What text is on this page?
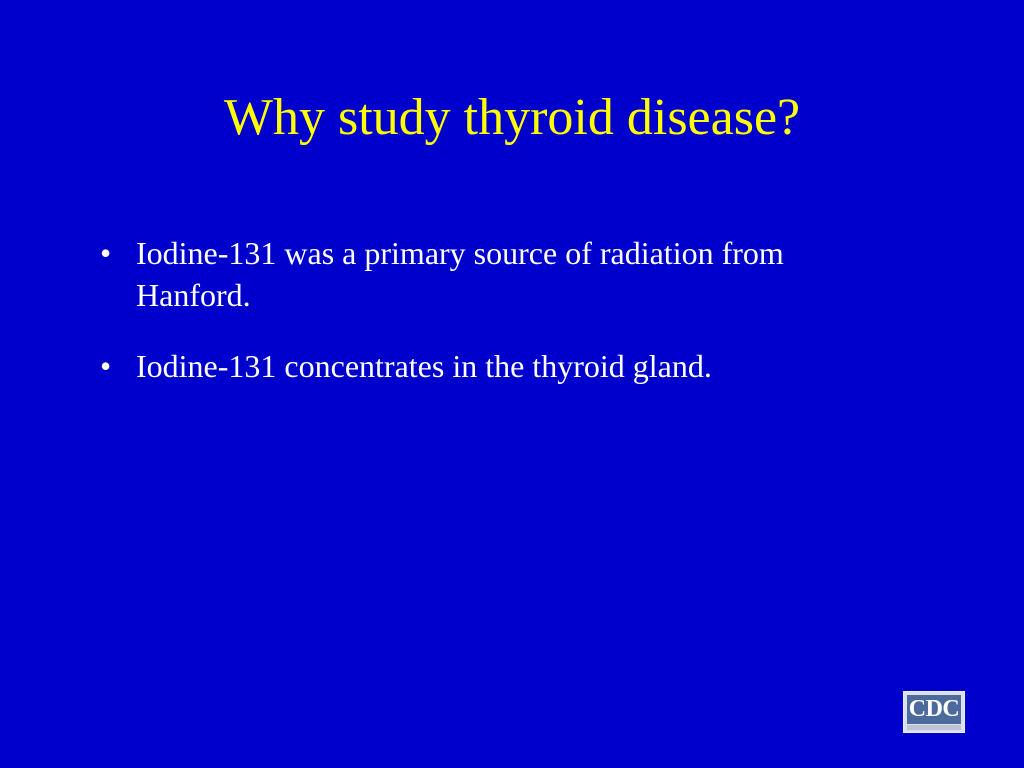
Why study thyroid disease?
• Iodine-131 was a primary source of radiation from Hanford.
• Iodine-131 concentrates in the thyroid gland.
CDC
